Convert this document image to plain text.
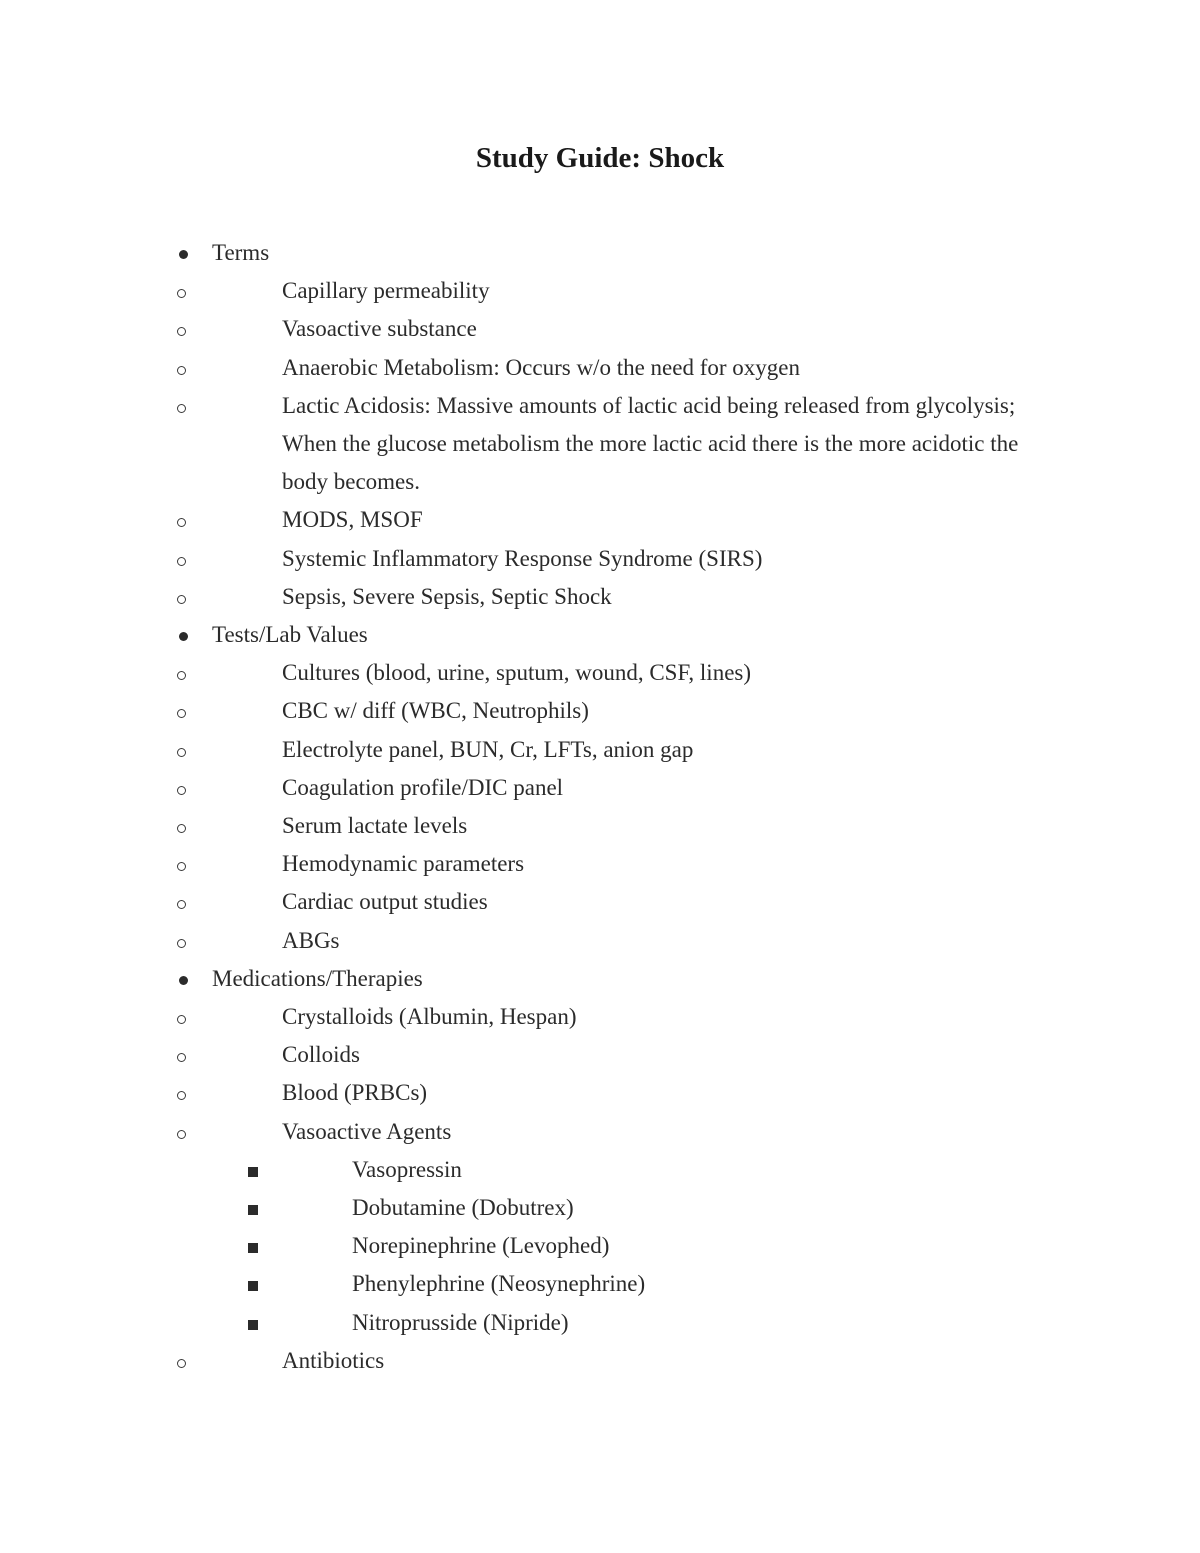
Study Guide: Shock
Terms
Capillary permeability
Vasoactive substance
Anaerobic Metabolism: Occurs w/o the need for oxygen
Lactic Acidosis: Massive amounts of lactic acid being released from glycolysis; When the glucose metabolism the more lactic acid there is the more acidotic the body becomes.
MODS, MSOF
Systemic Inflammatory Response Syndrome (SIRS)
Sepsis, Severe Sepsis, Septic Shock
Tests/Lab Values
Cultures (blood, urine, sputum, wound, CSF, lines)
CBC w/ diff (WBC, Neutrophils)
Electrolyte panel, BUN, Cr, LFTs, anion gap
Coagulation profile/DIC panel
Serum lactate levels
Hemodynamic parameters
Cardiac output studies
ABGs
Medications/Therapies
Crystalloids (Albumin, Hespan)
Colloids
Blood (PRBCs)
Vasoactive Agents
Vasopressin
Dobutamine (Dobutrex)
Norepinephrine (Levophed)
Phenylephrine (Neosynephrine)
Nitroprusside (Nipride)
Antibiotics
